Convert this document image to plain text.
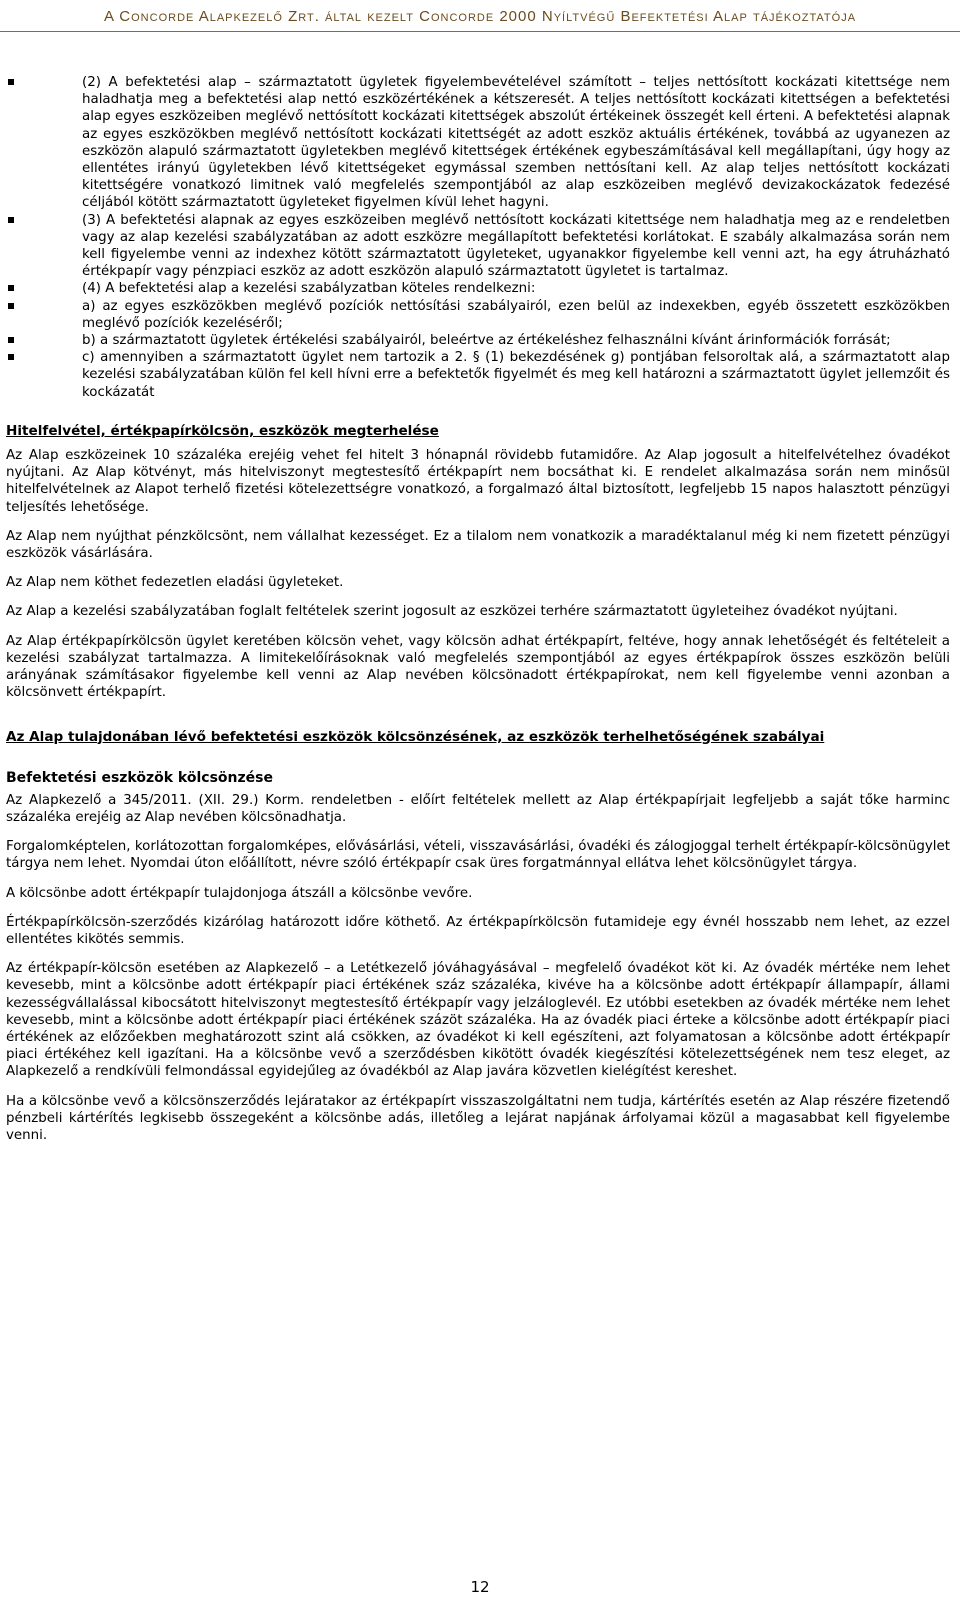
A Concorde Alapkezelő Zrt. által kezelt Concorde 2000 Nyíltvégű Befektetési Alap tájékoztatója
(2) A befektetési alap – származtatott ügyletek figyelembevételével számított – teljes nettósított kockázati kitettsége nem haladhatja meg a befektetési alap nettó eszközértékének a kétszeresét. A teljes nettósított kockázati kitettségen a befektetési alap egyes eszközeiben meglévő nettósított kockázati kitettségek abszolút értékeinek összegét kell érteni. A befektetési alapnak az egyes eszközökben meglévő nettósított kockázati kitettségét az adott eszköz aktuális értékének, továbbá az ugyanezen az eszközön alapuló származtatott ügyletekben meglévő kitettségek értékének egybeszámításával kell megállapítani, úgy hogy az ellentétes irányú ügyletekben lévő kitettségeket egymással szemben nettósítani kell. Az alap teljes nettósított kockázati kitettségére vonatkozó limitnek való megfelelés szempontjából az alap eszközeiben meglévő devizakockázatok fedezésé céljából kötött származtatott ügyleteket figyelmen kívül lehet hagyni.
(3) A befektetési alapnak az egyes eszközeiben meglévő nettósított kockázati kitettsége nem haladhatja meg az e rendeletben vagy az alap kezelési szabályzatában az adott eszközre megállapított befektetési korlátokat. E szabály alkalmazása során nem kell figyelembe venni az indexhez kötött származtatott ügyleteket, ugyanakkor figyelembe kell venni azt, ha egy átruházható értékpapír vagy pénzpiaci eszköz az adott eszközön alapuló származtatott ügyletet is tartalmaz.
(4) A befektetési alap a kezelési szabályzatban köteles rendelkezni:
a) az egyes eszközökben meglévő pozíciók nettósítási szabályairól, ezen belül az indexekben, egyéb összetett eszközökben meglévő pozíciók kezeléséről;
b) a származtatott ügyletek értékelési szabályairól, beleértve az értékeléshez felhasználni kívánt árinformációk forrását;
c) amennyiben a származtatott ügylet nem tartozik a 2. § (1) bekezdésének g) pontjában felsoroltak alá, a származtatott alap kezelési szabályzatában külön fel kell hívni erre a befektetők figyelmét és meg kell határozni a származtatott ügylet jellemzőit és kockázatát
Hitelfelvétel, értékpapírkölcsön, eszközök megterhelése

Az Alap eszközeinek 10 százaléka erejéig vehet fel hitelt 3 hónapnál rövidebb futamidőre. Az Alap jogosult a hitelfelvételhez óvadékot nyújtani. Az Alap kötvényt, más hitelviszonyt megtestesítő értékpapírt nem bocsáthat ki. E rendelet alkalmazása során nem minősül hitelfelvételnek az Alapot terhelő fizetési kötelezettségre vonatkozó, a forgalmazó által biztosított, legfeljebb 15 napos halasztott pénzügyi teljesítés lehetősége.

Az Alap nem nyújthat pénzkölcsönt, nem vállalhat kezességet. Ez a tilalom nem vonatkozik a maradéktalanul még ki nem fizetett pénzügyi eszközök vásárlására.

Az Alap nem köthet fedezetlen eladási ügyleteket.

Az Alap a kezelési szabályzatában foglalt feltételek szerint jogosult az eszközei terhére származtatott ügyleteihez óvadékot nyújtani.

Az Alap értékpapírkölcsön ügylet keretében kölcsön vehet, vagy kölcsön adhat értékpapírt, feltéve, hogy annak lehetőségét és feltételeit a kezelési szabályzat tartalmazza. A limitekelőírásoknak való megfelelés szempontjából az egyes értékpapírok összes eszközön belüli arányának számításakor figyelembe kell venni az Alap nevében kölcsönadott értékpapírokat, nem kell figyelembe venni azonban a kölcsönvett értékpapírt.

Az Alap tulajdonában lévő befektetési eszközök kölcsönzésének, az eszközök terhelhetőségének szabályai
Befektetési eszközök kölcsönzése

Az Alapkezelő a 345/2011. (XII. 29.) Korm. rendeletben - előírt feltételek mellett az Alap értékpapírjait legfeljebb a saját tőke harminc százaléka erejéig az Alap nevében kölcsönadhatja.

Forgalomképtelen, korlátozottan forgalomképes, elővásárlási, vételi, visszavásárlási, óvadéki és zálogjoggal terhelt értékpapír-kölcsönügylet tárgya nem lehet. Nyomdai úton előállított, névre szóló értékpapír csak üres forgatmánnyal ellátva lehet kölcsönügylet tárgya.

A kölcsönbe adott értékpapír tulajdonjoga átszáll a kölcsönbe vevőre.

Értékpapírkölcsön-szerződés kizárólag határozott időre köthető. Az értékpapírkölcsön futamideje egy évnél hosszabb nem lehet, az ezzel ellentétes kikötés semmis.

Az értékpapír-kölcsön esetében az Alapkezelő – a Letétkezelő jóváhagyásával – megfelelő óvadékot köt ki. Az óvadék mértéke nem lehet kevesebb, mint a kölcsönbe adott értékpapír piaci értékének száz százaléka, kivéve ha a kölcsönbe adott értékpapír állampapír, állami kezességvállalással kibocsátott hitelviszonyt megtestesítő értékpapír vagy jelzáloglevél. Ez utóbbi esetekben az óvadék mértéke nem lehet kevesebb, mint a kölcsönbe adott értékpapír piaci értékének százöt százaléka. Ha az óvadék piaci érteke a kölcsönbe adott értékpapír piaci értékének az előzőekben meghatározott szint alá csökken, az óvadékot ki kell egészíteni, azt folyamatosan a kölcsönbe adott értékpapír piaci értékéhez kell igazítani. Ha a kölcsönbe vevő a szerződésben kikötött óvadék kiegészítési kötelezettségének nem tesz eleget, az Alapkezelő a rendkívüli felmondással egyidejűleg az óvadékból az Alap javára közvetlen kielégítést kereshet.

Ha a kölcsönbe vevő a kölcsönszerződés lejáratakor az értékpapírt visszaszolgáltatni nem tudja, kártérítés esetén az Alap részére fizetendő pénzbeli kártérítés legkisebb összegeként a kölcsönbe adás, illetőleg a lejárat napjának árfolyamai közül a magasabbat kell figyelembe venni.

12
